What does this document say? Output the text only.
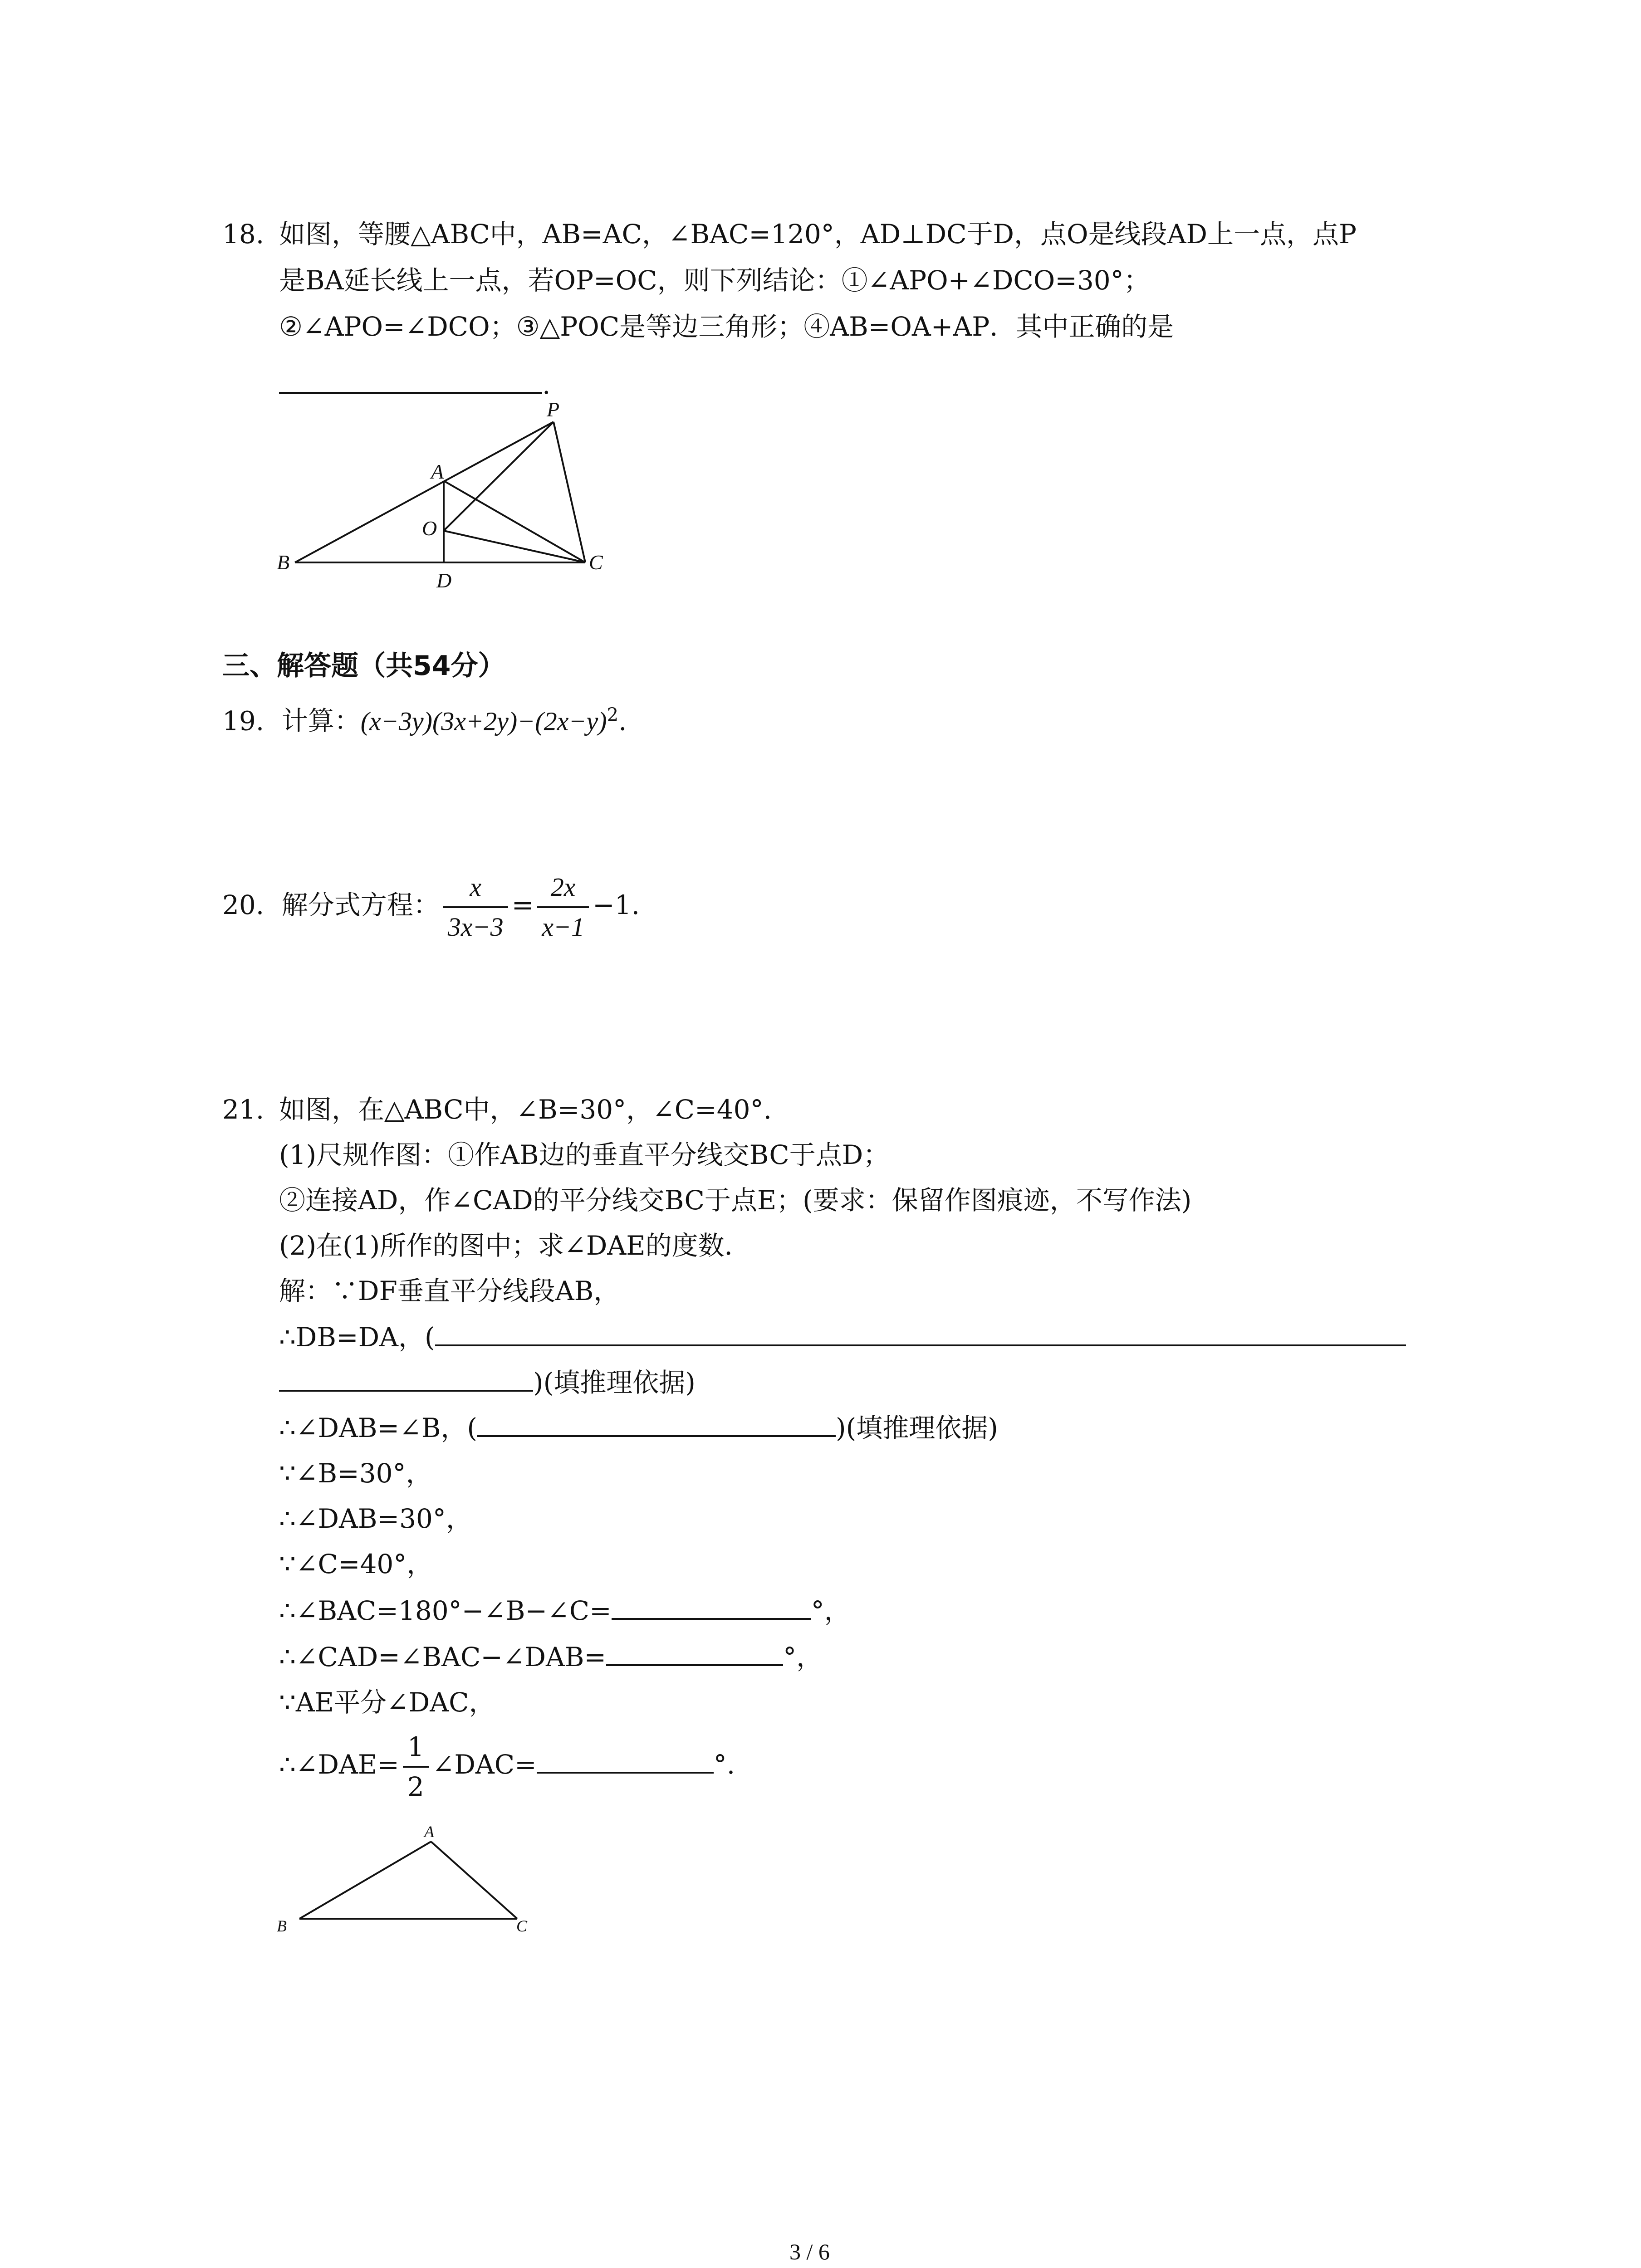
18. 如图，等腰△ABC中，AB=AC，∠BAC=120°，AD⊥DC于D，点O是线段AD上一点，点P
是BA延长线上一点，若OP=OC，则下列结论：①∠APO+∠DCO=30°；
②∠APO=∠DCO；③△POC是等边三角形；④AB=OA+AP．其中正确的是
.
P
A
O
B
D
C
三、解答题（共54分）
19. 计算：$(x-3y)(3x+2y)-(2x-y)^2$.
20. 解分式方程： $\frac{x}{3x-3} = \frac{2x}{x-1} -1$.
21. 如图，在△ABC中，∠B=30°，∠C=40°.
(1)尺规作图：①作AB边的垂直平分线交BC于点D；
②连接AD，作∠CAD的平分线交BC于点E；(要求：保留作图痕迹，不写作法)
(2)在(1)所作的图中；求∠DAE的度数．
解：∵DF垂直平分线段AB，
∴DB=DA，(
)(填推理依据)
∴∠DAB=∠B，(	)(填推理依据)
∵∠B=30°，
∴∠DAB=30°，
∵∠C=40°，
∴∠BAC=180°−∠B−∠C=	°，
∴∠CAD=∠BAC−∠DAB=	°，
∵AE平分∠DAC，
∴∠DAE= $\frac{1}{2}$ ∠DAC=	°.
A
B	C
3 / 6
